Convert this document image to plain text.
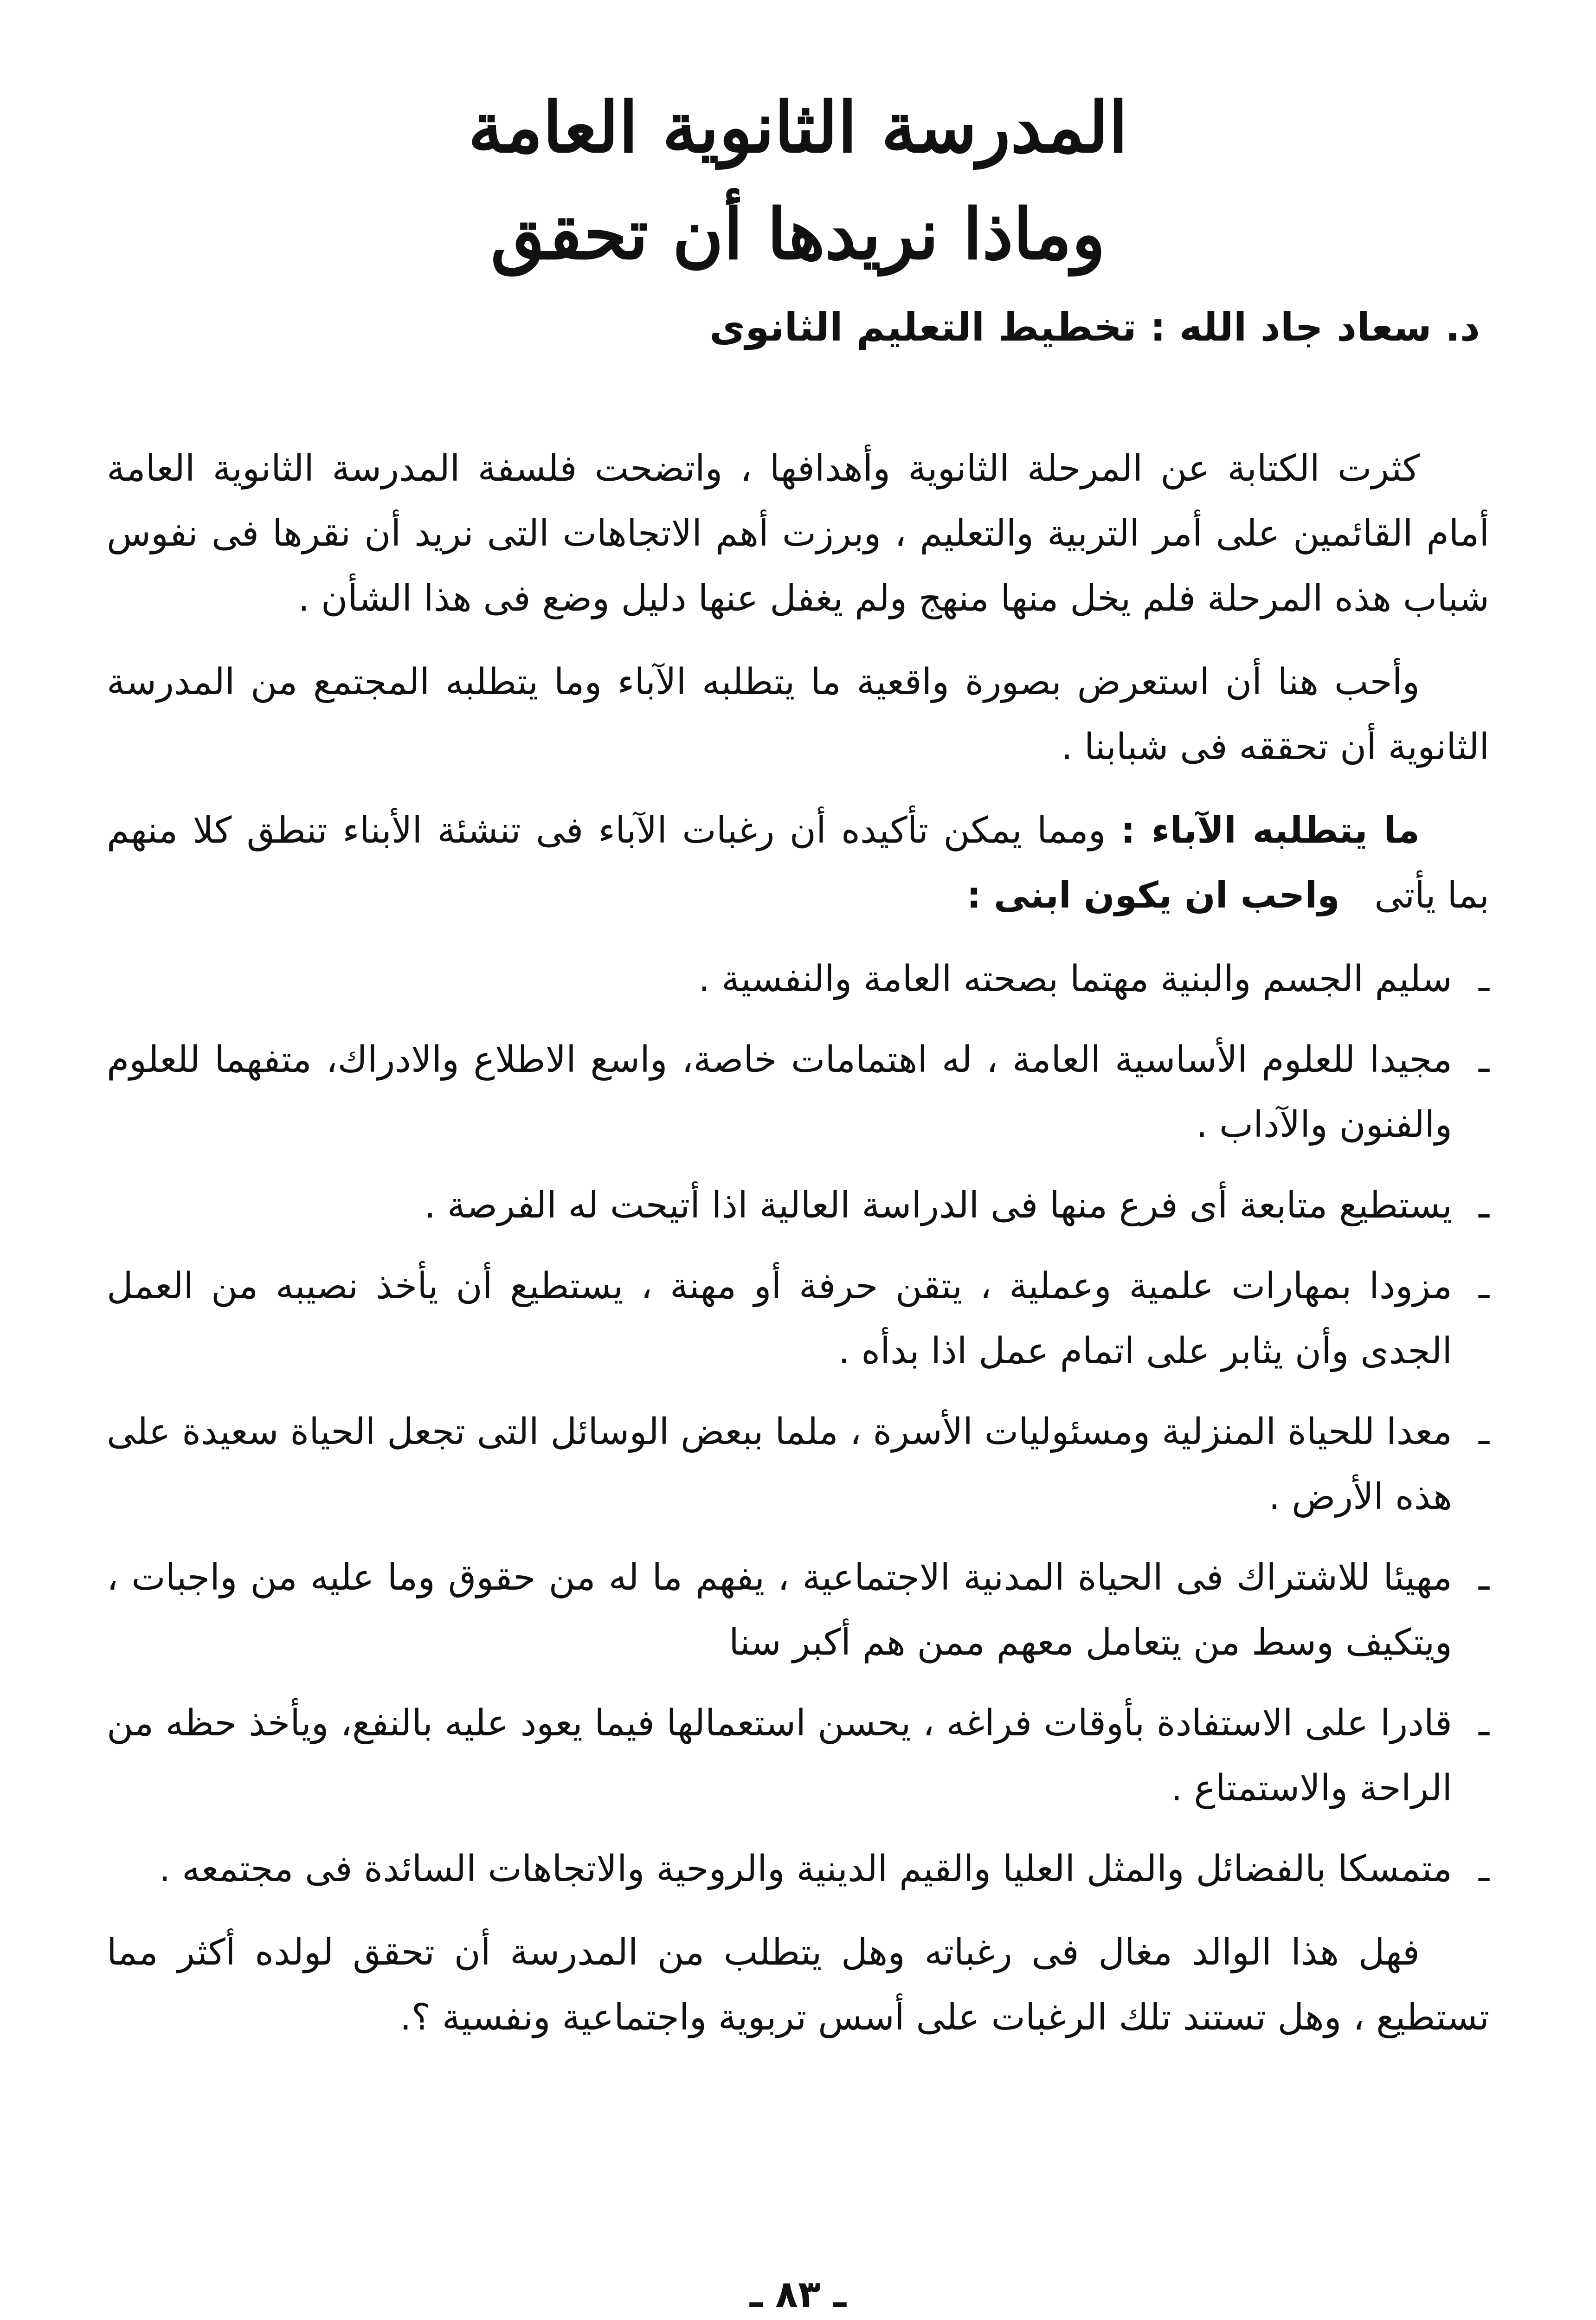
المدرسة الثانوية العامة

وماذا نريدها أن تحقق

د. سعاد جاد الله : تخطيط التعليم الثانوى

كثرت الكتابة عن المرحلة الثانوية وأهدافها ، واتضحت فلسفة المدرسة الثانوية العامة أمام القائمين على أمر التربية والتعليم ، وبرزت أهم الاتجاهات التى نريد أن نقرها فى نفوس شباب هذه المرحلة فلم يخل منها منهج ولم يغفل عنها دليل وضع فى هذا الشأن .

وأحب هنا أن استعرض بصورة واقعية ما يتطلبه الآباء وما يتطلبه المجتمع من المدرسة الثانوية أن تحققه فى شبابنا .

ما يتطلبه الآباء : ومما يمكن تأكيده أن رغبات الآباء فى تنشئة الأبناء تنطق كلا منهم بما يأتى واحب ان يكون ابنى :

ـ
سليم الجسم والبنية مهتما بصحته العامة والنفسية .
ـ
مجيدا للعلوم الأساسية العامة ، له اهتمامات خاصة، واسع الاطلاع والادراك، متفهما للعلوم والفنون والآداب .
ـ
يستطيع متابعة أى فرع منها فى الدراسة العالية اذا أتيحت له الفرصة .
ـ
مزودا بمهارات علمية وعملية ، يتقن حرفة أو مهنة ، يستطيع أن يأخذ نصيبه من العمل الجدى وأن يثابر على اتمام عمل اذا بدأه .
ـ
معدا للحياة المنزلية ومسئوليات الأسرة ، ملما ببعض الوسائل التى تجعل الحياة سعيدة على هذه الأرض .
ـ
مهيئا للاشتراك فى الحياة المدنية الاجتماعية ، يفهم ما له من حقوق وما عليه من واجبات ، ويتكيف وسط من يتعامل معهم ممن هم أكبر سنا
ـ
قادرا على الاستفادة بأوقات فراغه ، يحسن استعمالها فيما يعود عليه بالنفع، ويأخذ حظه من الراحة والاستمتاع .
ـ
متمسكا بالفضائل والمثل العليا والقيم الدينية والروحية والاتجاهات السائدة فى مجتمعه .

فهل هذا الوالد مغال فى رغباته وهل يتطلب من المدرسة أن تحقق لولده أكثر مما تستطيع ، وهل تستند تلك الرغبات على أسس تربوية واجتماعية ونفسية ؟.

ـ ٨٣ ـ
